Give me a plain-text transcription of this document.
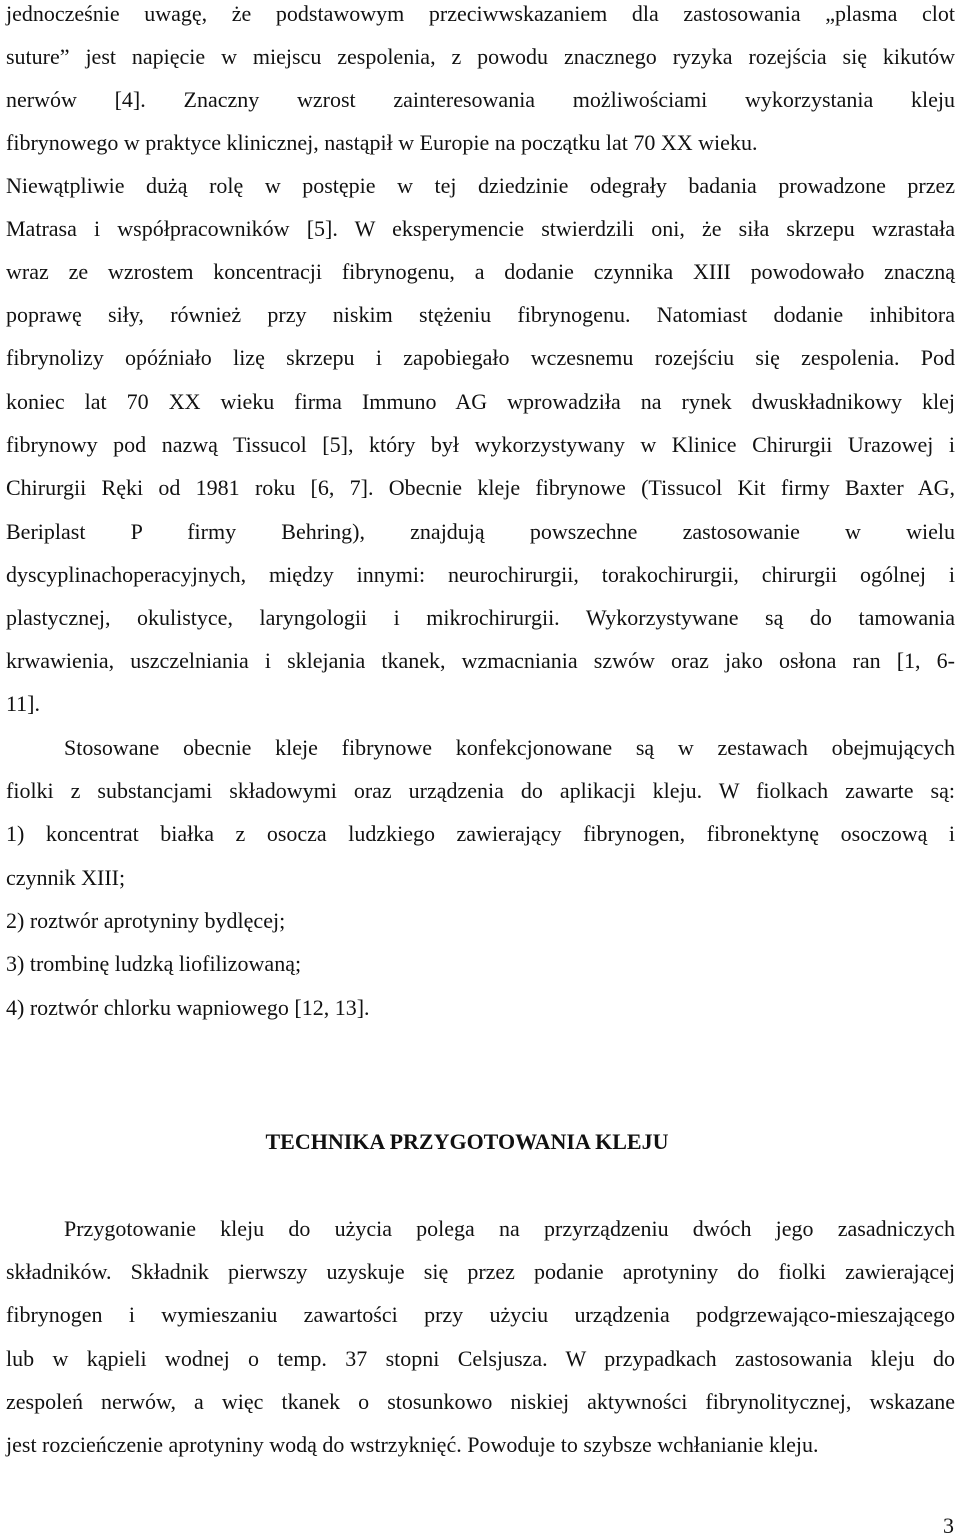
jednocześnie uwagę, że podstawowym przeciwwskazaniem dla zastosowania „plasma clot
suture” jest napięcie w miejscu zespolenia, z powodu znacznego ryzyka rozejścia się kikutów
nerwów [4]. Znaczny wzrost zainteresowania możliwościami wykorzystania kleju
fibrynowego w praktyce klinicznej, nastąpił w Europie na początku lat 70 XX wieku.
Niewątpliwie dużą rolę w postępie w tej dziedzinie odegrały badania prowadzone przez
Matrasa i współpracowników [5]. W eksperymencie stwierdzili oni, że siła skrzepu wzrastała
wraz ze wzrostem koncentracji fibrynogenu, a dodanie czynnika XIII powodowało znaczną
poprawę siły, również przy niskim stężeniu fibrynogenu. Natomiast dodanie inhibitora
fibrynolizy opóźniało lizę skrzepu i zapobiegało wczesnemu rozejściu się zespolenia. Pod
koniec lat 70 XX wieku firma Immuno AG wprowadziła na rynek dwuskładnikowy klej
fibrynowy pod nazwą Tissucol [5], który był wykorzystywany w Klinice Chirurgii Urazowej i
Chirurgii Ręki od 1981 roku [6, 7]. Obecnie kleje fibrynowe (Tissucol Kit firmy Baxter AG,
Beriplast P firmy Behring), znajdują powszechne zastosowanie w wielu
dyscyplinachoperacyjnych, między innymi: neurochirurgii, torakochirurgii, chirurgii ogólnej i
plastycznej, okulistyce, laryngologii i mikrochirurgii. Wykorzystywane są do tamowania
krwawienia, uszczelniania i sklejania tkanek, wzmacniania szwów oraz jako osłona ran [1, 6-
11].
Stosowane obecnie kleje fibrynowe konfekcjonowane są w zestawach obejmujących
fiolki z substancjami składowymi oraz urządzenia do aplikacji kleju. W fiolkach zawarte są:
1) koncentrat białka z osocza ludzkiego zawierający fibrynogen, fibronektynę osoczową i
czynnik XIII;
2) roztwór aprotyniny bydlęcej;
3) trombinę ludzką liofilizowaną;
4) roztwór chlorku wapniowego [12, 13].
TECHNIKA PRZYGOTOWANIA KLEJU
Przygotowanie kleju do użycia polega na przyrządzeniu dwóch jego zasadniczych
składników. Składnik pierwszy uzyskuje się przez podanie aprotyniny do fiolki zawierającej
fibrynogen i wymieszaniu zawartości przy użyciu urządzenia podgrzewająco-mieszającego
lub w kąpieli wodnej o temp. 37 stopni Celsjusza. W przypadkach zastosowania kleju do
zespoleń nerwów, a więc tkanek o stosunkowo niskiej aktywności fibrynolitycznej, wskazane
jest rozcieńczenie aprotyniny wodą do wstrzyknięć. Powoduje to szybsze wchłanianie kleju.
3
